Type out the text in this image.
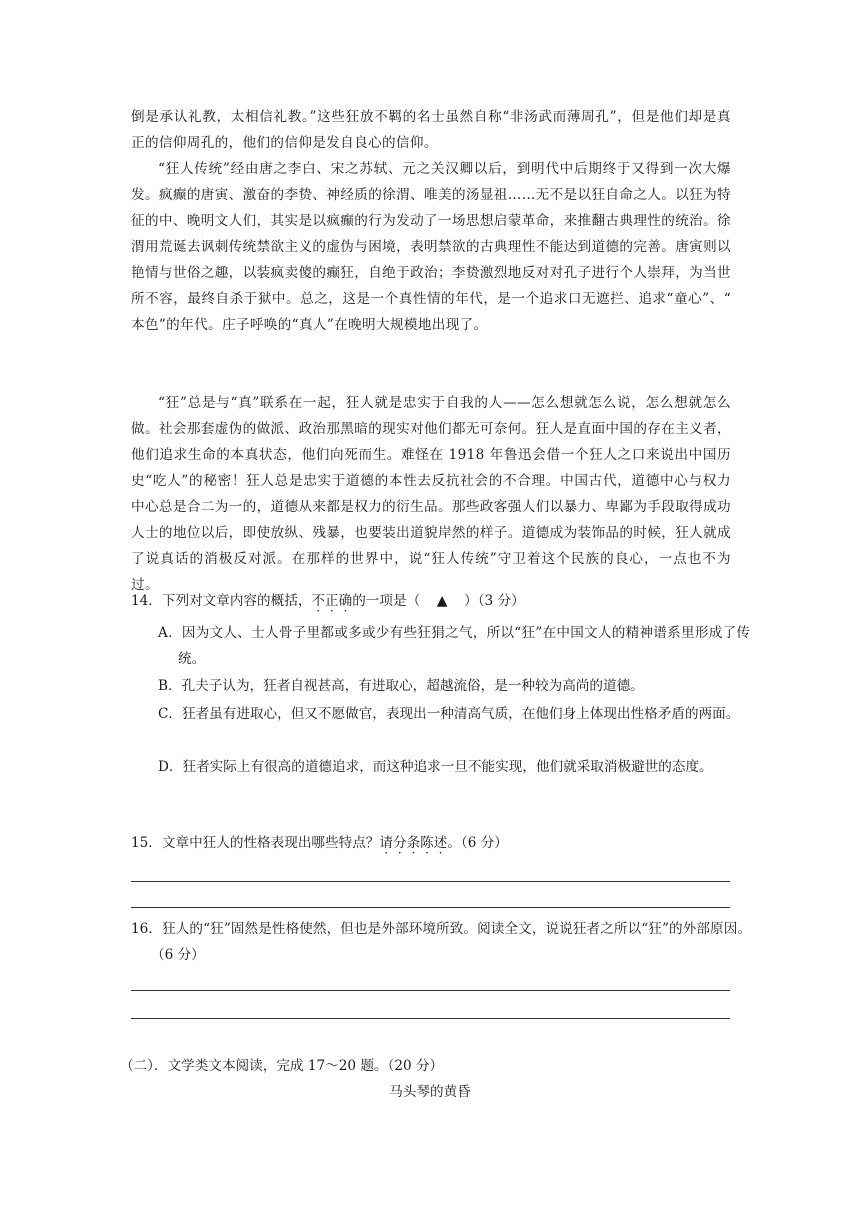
倒是承认礼教，太相信礼教。”这些狂放不羁的名士虽然自称“非汤武而薄周孔”，但是他们却是真正的信仰周孔的，他们的信仰是发自良心的信仰。

“狂人传统”经由唐之李白、宋之苏轼、元之关汉卿以后，到明代中后期终于又得到一次大爆发。疯癫的唐寅、激奋的李贽、神经质的徐渭、唯美的汤显祖……无不是以狂自命之人。以狂为特征的中、晚明文人们，其实是以疯癫的行为发动了一场思想启蒙革命，来推翻古典理性的统治。徐渭用荒诞去讽刺传统禁欲主义的虚伪与困境，表明禁欲的古典理性不能达到道德的完善。唐寅则以艳情与世俗之趣，以装疯卖傻的癫狂，自绝于政治；李贽激烈地反对对孔子进行个人崇拜，为当世所不容，最终自杀于狱中。总之，这是一个真性情的年代，是一个追求口无遮拦、追求“童心”、“ 本色”的年代。庄子呼唤的“真人”在晚明大规模地出现了。

“狂”总是与“真”联系在一起，狂人就是忠实于自我的人——怎么想就怎么说，怎么想就怎么做。社会那套虚伪的做派、政治那黑暗的现实对他们都无可奈何。狂人是直面中国的存在主义者，他们追求生命的本真状态，他们向死而生。难怪在 1918 年鲁迅会借一个狂人之口来说出中国历史“吃人”的秘密！狂人总是忠实于道德的本性去反抗社会的不合理。中国古代，道德中心与权力中心总是合二为一的，道德从来都是权力的衍生品。那些政客强人们以暴力、卑鄙为手段取得成功人士的地位以后，即使放纵、残暴，也要装出道貌岸然的样子。道德成为装饰品的时候，狂人就成了说真话的消极反对派。在那样的世界中，说“狂人传统”守卫着这个民族的良心，一点也不为过。

14．下列对文章内容的概括，不正确的一项是（ ▲ ）（3 分）

A．因为文人、士人骨子里都或多或少有些狂狷之气，所以“狂”在中国文人的精神谱系里形成了传统。

B．孔夫子认为，狂者自视甚高，有进取心，超越流俗，是一种较为高尚的道德。

C．狂者虽有进取心，但又不愿做官，表现出一种清高气质，在他们身上体现出性格矛盾的两面。

D．狂者实际上有很高的道德追求，而这种追求一旦不能实现，他们就采取消极避世的态度。

15．文章中狂人的性格表现出哪些特点？请分条陈述。（6 分）

16．狂人的“狂”固然是性格使然，但也是外部环境所致。阅读全文，说说狂者之所以“狂”的外部原因。（6 分）

（二）．文学类文本阅读，完成 17～20 题。（20 分）

马头琴的黄昏
